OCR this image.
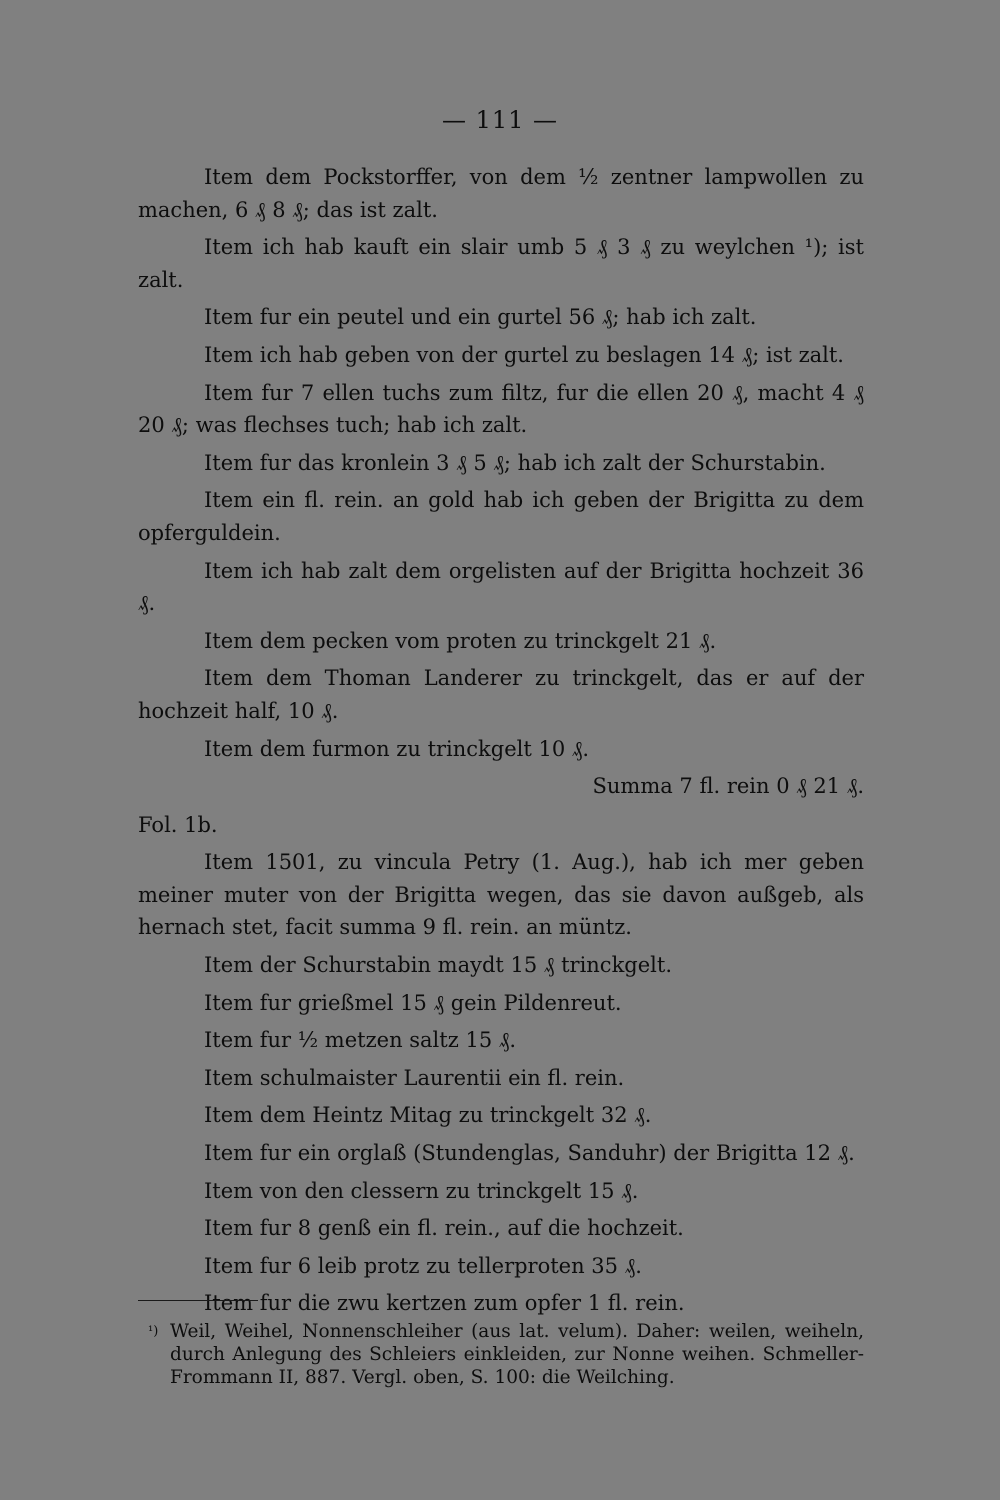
— 111 —

Item dem Pockstorffer, von dem ½ zentner lampwollen zu machen, 6 ₰ 8 ₰; das ist zalt.

Item ich hab kauft ein slair umb 5 ₰ 3 ₰ zu weylchen ¹); ist zalt.

Item fur ein peutel und ein gurtel 56 ₰; hab ich zalt.

Item ich hab geben von der gurtel zu beslagen 14 ₰; ist zalt.

Item fur 7 ellen tuchs zum filtz, fur die ellen 20 ₰, macht 4 ₰ 20 ₰; was flechses tuch; hab ich zalt.

Item fur das kronlein 3 ₰ 5 ₰; hab ich zalt der Schurstabin.

Item ein fl. rein. an gold hab ich geben der Brigitta zu dem opferguldein.

Item ich hab zalt dem orgelisten auf der Brigitta hochzeit 36 ₰.

Item dem pecken vom proten zu trinckgelt 21 ₰.

Item dem Thoman Landerer zu trinckgelt, das er auf der hochzeit half, 10 ₰.

Item dem furmon zu trinckgelt 10 ₰.

Summa 7 fl. rein 0 ₰ 21 ₰.

Fol. 1b.

Item 1501, zu vincula Petry (1. Aug.), hab ich mer geben meiner muter von der Brigitta wegen, das sie davon außgeb, als hernach stet, facit summa 9 fl. rein. an müntz.

Item der Schurstabin maydt 15 ₰ trinckgelt.

Item fur grießmel 15 ₰ gein Pildenreut.

Item fur ½ metzen saltz 15 ₰.

Item schulmaister Laurentii ein fl. rein.

Item dem Heintz Mitag zu trinckgelt 32 ₰.

Item fur ein orglaß (Stundenglas, Sanduhr) der Brigitta 12 ₰.

Item von den clessern zu trinckgelt 15 ₰.

Item fur 8 genß ein fl. rein., auf die hochzeit.

Item fur 6 leib protz zu tellerproten 35 ₰.

Item fur die zwu kertzen zum opfer 1 fl. rein.

¹) Weil, Weihel, Nonnenschleiher (aus lat. velum). Daher: weilen, weiheln, durch Anlegung des Schleiers einkleiden, zur Nonne weihen. Schmeller-Frommann II, 887. Vergl. oben, S. 100: die Weilching.
